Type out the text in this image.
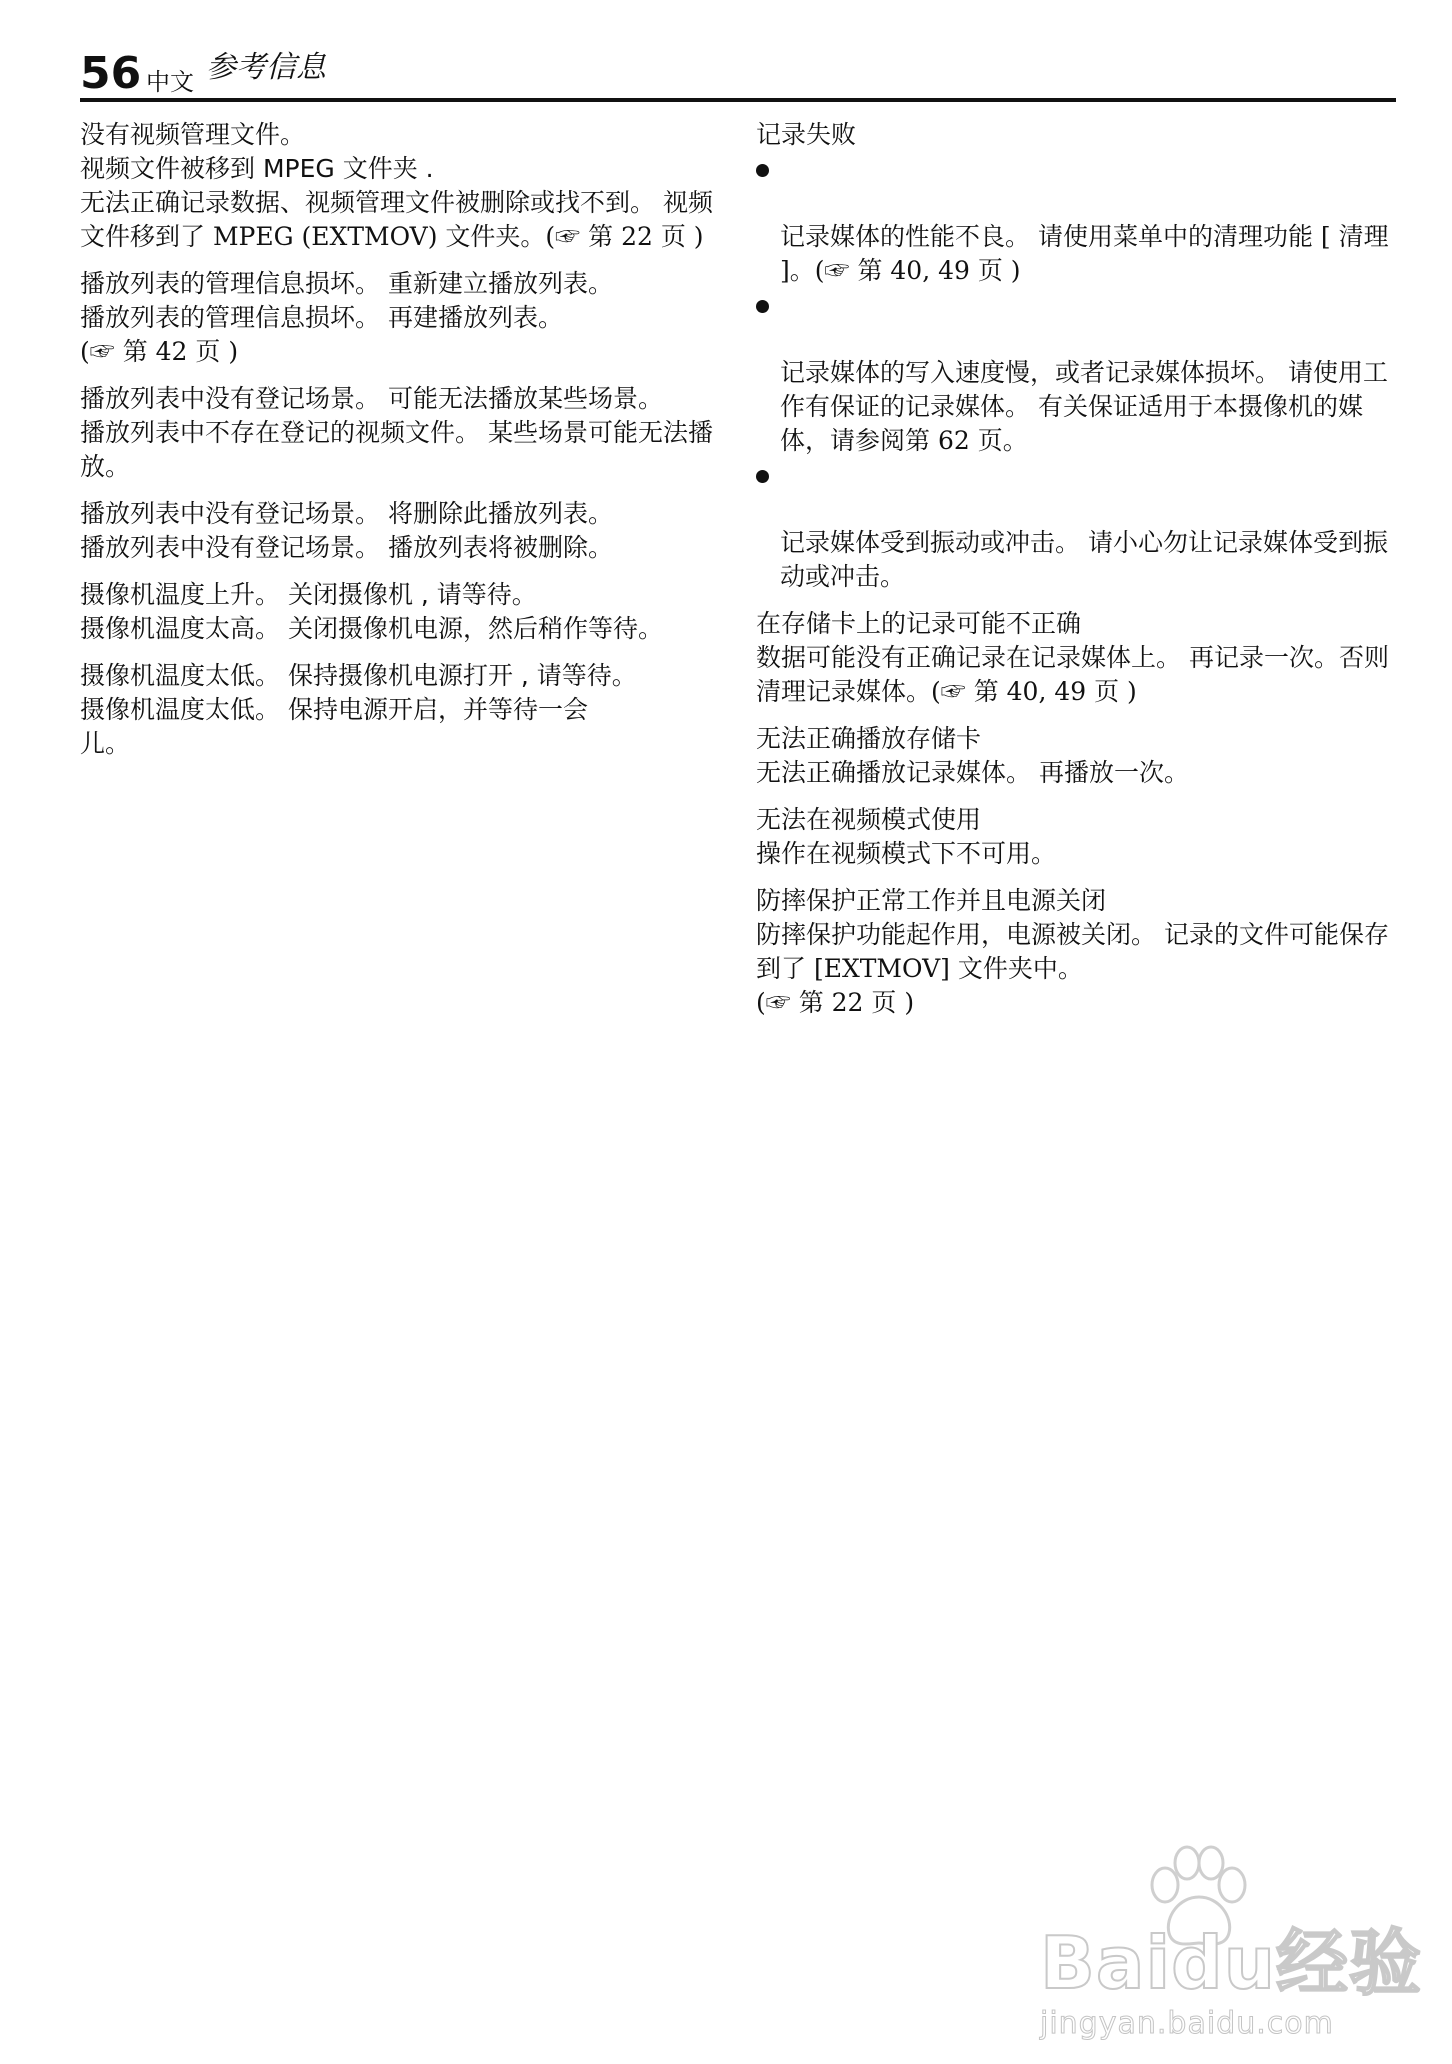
56 中文 参考信息

没有视频管理文件。
视频文件被移到 MPEG 文件夹 .

无法正确记录数据、视频管理文件被删除或找不到。 视频文件移到了 MPEG (EXTMOV) 文件夹。(☞ 第 22 页 )

播放列表的管理信息损坏。 重新建立播放列表。

播放列表的管理信息损坏。 再建播放列表。
(☞ 第 42 页 )

播放列表中没有登记场景。 可能无法播放某些场景。

播放列表中不存在登记的视频文件。 某些场景可能无法播放。

播放列表中没有登记场景。 将删除此播放列表。

播放列表中没有登记场景。 播放列表将被删除。

摄像机温度上升。 关闭摄像机 , 请等待。

摄像机温度太高。 关闭摄像机电源，然后稍作等待。

摄像机温度太低。 保持摄像机电源打开 , 请等待。

摄像机温度太低。 保持电源开启，并等待一会
儿。

记录失败

记录媒体的性能不良。 请使用菜单中的清理功能 [ 清理 ]。(☞ 第 40, 49 页 )

记录媒体的写入速度慢，或者记录媒体损坏。 请使用工作有保证的记录媒体。 有关保证适用于本摄像机的媒体，请参阅第 62 页。

记录媒体受到振动或冲击。 请小心勿让记录媒体受到振动或冲击。

在存储卡上的记录可能不正确

数据可能没有正确记录在记录媒体上。 再记录一次。否则清理记录媒体。(☞ 第 40, 49 页 )

无法正确播放存储卡

无法正确播放记录媒体。 再播放一次。

无法在视频模式使用

操作在视频模式下不可用。

防摔保护正常工作并且电源关闭

防摔保护功能起作用，电源被关闭。 记录的文件可能保存到了 [EXTMOV] 文件夹中。
(☞ 第 22 页 )

Baidu经验
jingyan.baidu.com
